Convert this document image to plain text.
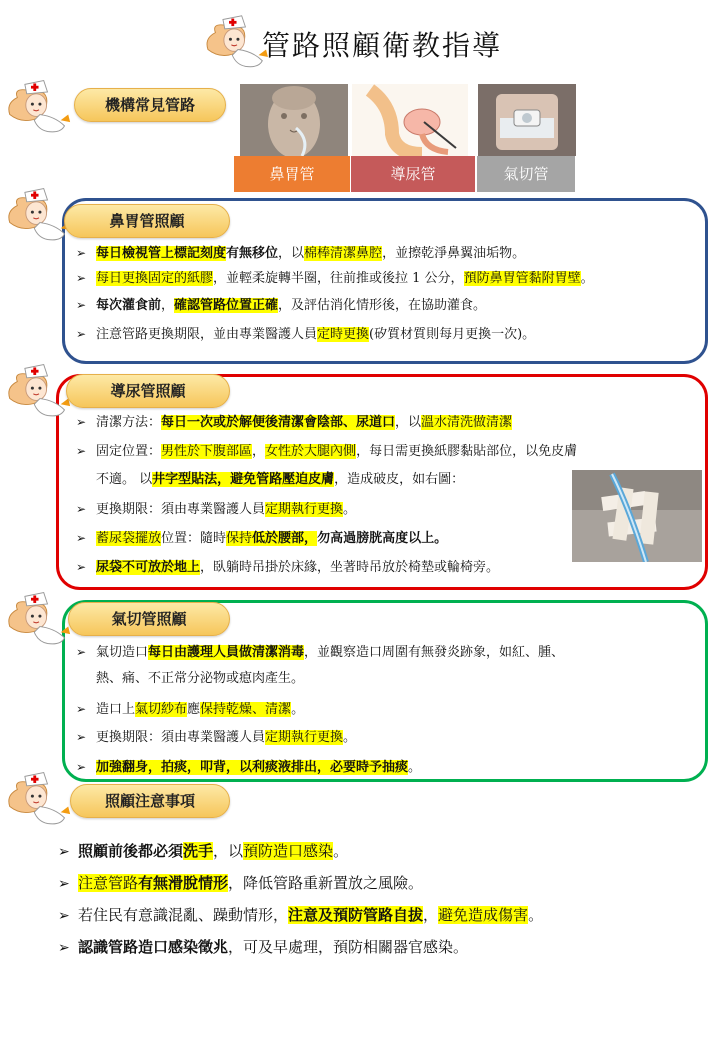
管路照顧衛教指導
機構常見管路
鼻胃管	導尿管	氣切管
鼻胃管照顧
➢ 每日檢視管上標記刻度有無移位，以棉棒清潔鼻腔，並擦乾淨鼻翼油垢物。
➢ 每日更換固定的紙膠，並輕柔旋轉半圈，往前推或後拉 1 公分，預防鼻胃管黏附胃壁。
➢ 每次灌食前，確認管路位置正確，及評估消化情形後，在協助灌食。
➢ 注意管路更換期限，並由專業醫護人員定時更換(矽質材質則每月更換一次)。
導尿管照顧
➢ 清潔方法：每日一次或於解便後清潔會陰部、尿道口，以溫水清洗做清潔
➢ 固定位置：男性於下腹部區，女性於大腿內側，每日需更換紙膠黏貼部位，以免皮膚
不適。 以井字型貼法，避免管路壓迫皮膚，造成破皮，如右圖：
➢ 更換期限：須由專業醫護人員定期執行更換。
➢ 蓄尿袋擺放位置：隨時保持低於腰部，勿高過膀胱高度以上。
➢ 尿袋不可放於地上，臥躺時吊掛於床緣，坐著時吊放於椅墊或輪椅旁。
氣切管照顧
➢ 氣切造口每日由護理人員做清潔消毒，並觀察造口周圍有無發炎跡象，如紅、腫、
熱、痛、不正常分泌物或瘜肉產生。
➢ 造口上氣切紗布應保持乾燥、清潔。
➢ 更換期限：須由專業醫護人員定期執行更換。
➢ 加強翻身，拍痰，叩背，以利痰液排出，必要時予抽痰。
照顧注意事項
➢ 照顧前後都必須洗手，以預防造口感染。
➢ 注意管路有無滑脫情形，降低管路重新置放之風險。
➢ 若住民有意識混亂、躁動情形，注意及預防管路自拔，避免造成傷害。
➢ 認識管路造口感染徵兆，可及早處理，預防相關器官感染。
